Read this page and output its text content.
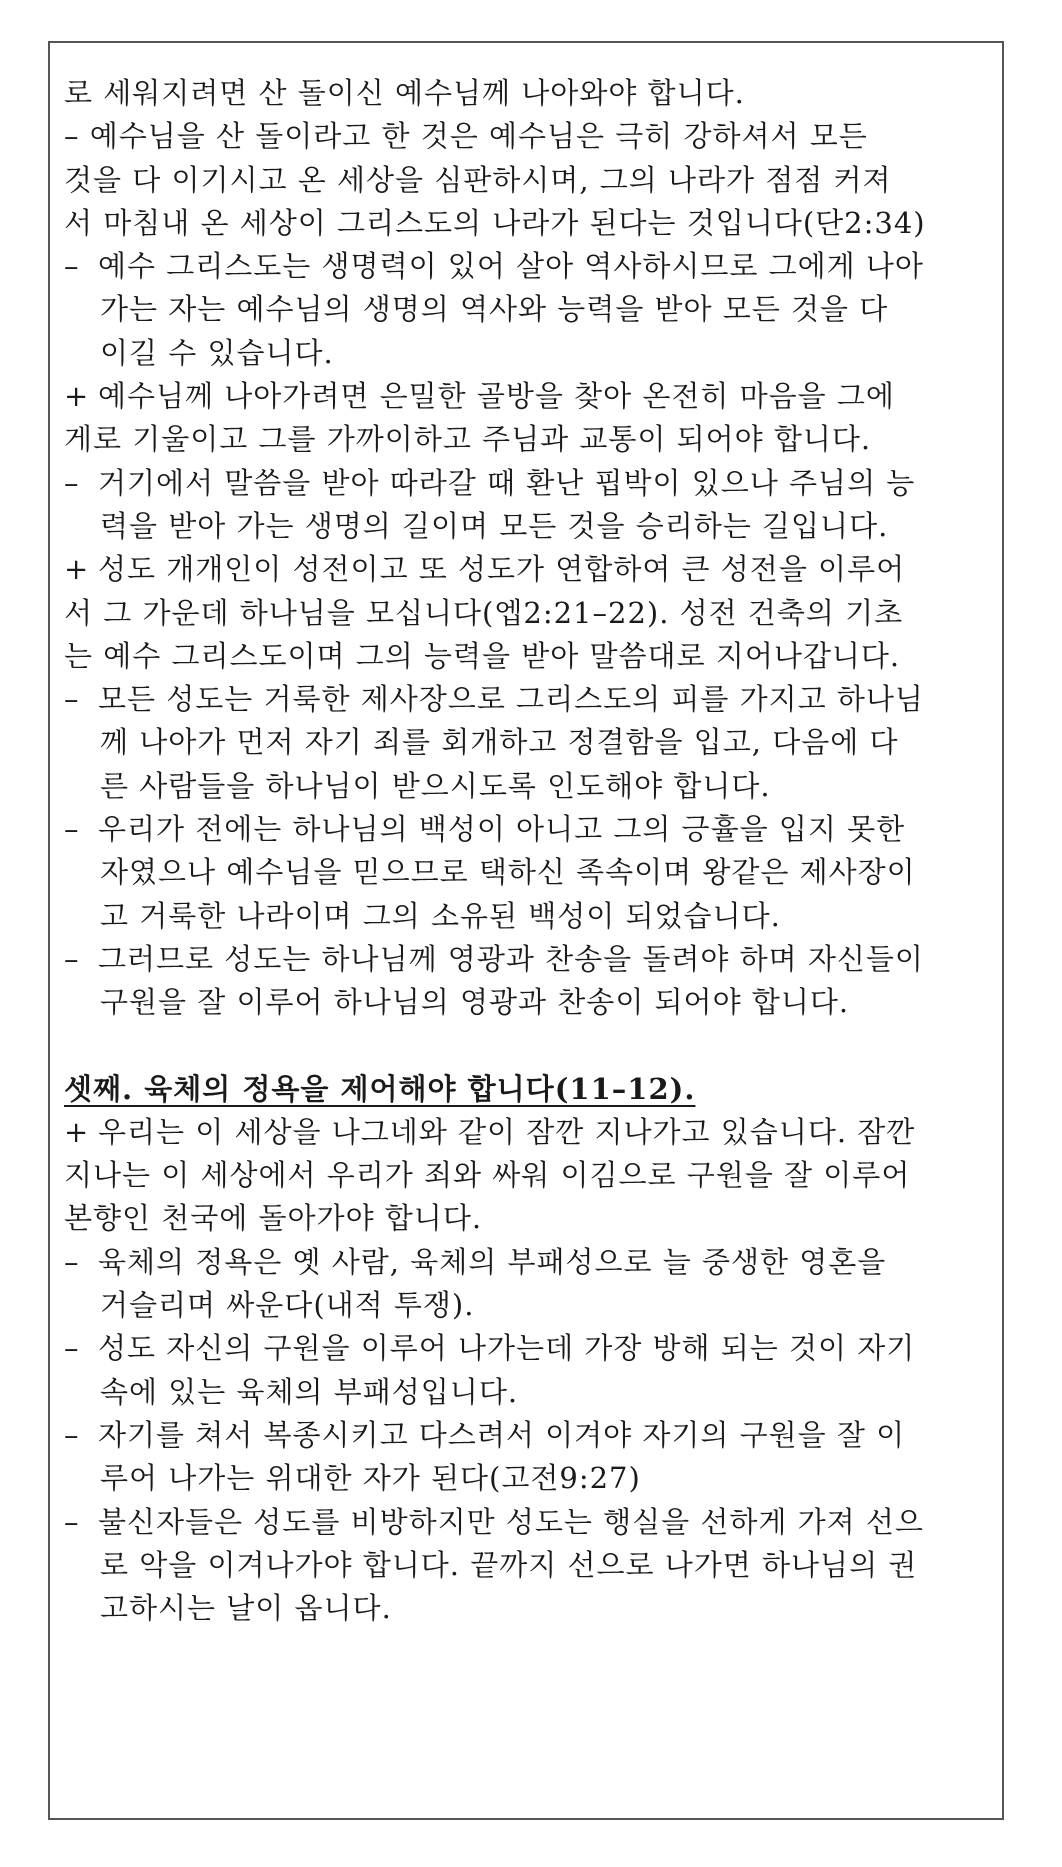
로 세워지려면 산 돌이신 예수님께 나아와야 합니다.
– 예수님을 산 돌이라고 한 것은 예수님은 극히 강하셔서 모든
것을 다 이기시고 온 세상을 심판하시며, 그의 나라가 점점 커져
서 마침내 온 세상이 그리스도의 나라가 된다는 것입니다(단2:34)
– 예수 그리스도는 생명력이 있어 살아 역사하시므로 그에게 나아
가는 자는 예수님의 생명의 역사와 능력을 받아 모든 것을 다
이길 수 있습니다.
+ 예수님께 나아가려면 은밀한 골방을 찾아 온전히 마음을 그에
게로 기울이고 그를 가까이하고 주님과 교통이 되어야 합니다.
– 거기에서 말씀을 받아 따라갈 때 환난 핍박이 있으나 주님의 능
력을 받아 가는 생명의 길이며 모든 것을 승리하는 길입니다.
+ 성도 개개인이 성전이고 또 성도가 연합하여 큰 성전을 이루어
서 그 가운데 하나님을 모십니다(엡2:21–22). 성전 건축의 기초
는 예수 그리스도이며 그의 능력을 받아 말씀대로 지어나갑니다.
– 모든 성도는 거룩한 제사장으로 그리스도의 피를 가지고 하나님
께 나아가 먼저 자기 죄를 회개하고 정결함을 입고, 다음에 다
른 사람들을 하나님이 받으시도록 인도해야 합니다.
– 우리가 전에는 하나님의 백성이 아니고 그의 긍휼을 입지 못한
자였으나 예수님을 믿으므로 택하신 족속이며 왕같은 제사장이
고 거룩한 나라이며 그의 소유된 백성이 되었습니다.
– 그러므로 성도는 하나님께 영광과 찬송을 돌려야 하며 자신들이
구원을 잘 이루어 하나님의 영광과 찬송이 되어야 합니다.
셋째. 육체의 정욕을 제어해야 합니다(11–12).
+ 우리는 이 세상을 나그네와 같이 잠깐 지나가고 있습니다. 잠깐
지나는 이 세상에서 우리가 죄와 싸워 이김으로 구원을 잘 이루어
본향인 천국에 돌아가야 합니다.
– 육체의 정욕은 옛 사람, 육체의 부패성으로 늘 중생한 영혼을
거슬리며 싸운다(내적 투쟁).
– 성도 자신의 구원을 이루어 나가는데 가장 방해 되는 것이 자기
속에 있는 육체의 부패성입니다.
– 자기를 쳐서 복종시키고 다스려서 이겨야 자기의 구원을 잘 이
루어 나가는 위대한 자가 된다(고전9:27)
– 불신자들은 성도를 비방하지만 성도는 행실을 선하게 가져 선으
로 악을 이겨나가야 합니다. 끝까지 선으로 나가면 하나님의 권
고하시는 날이 옵니다.
